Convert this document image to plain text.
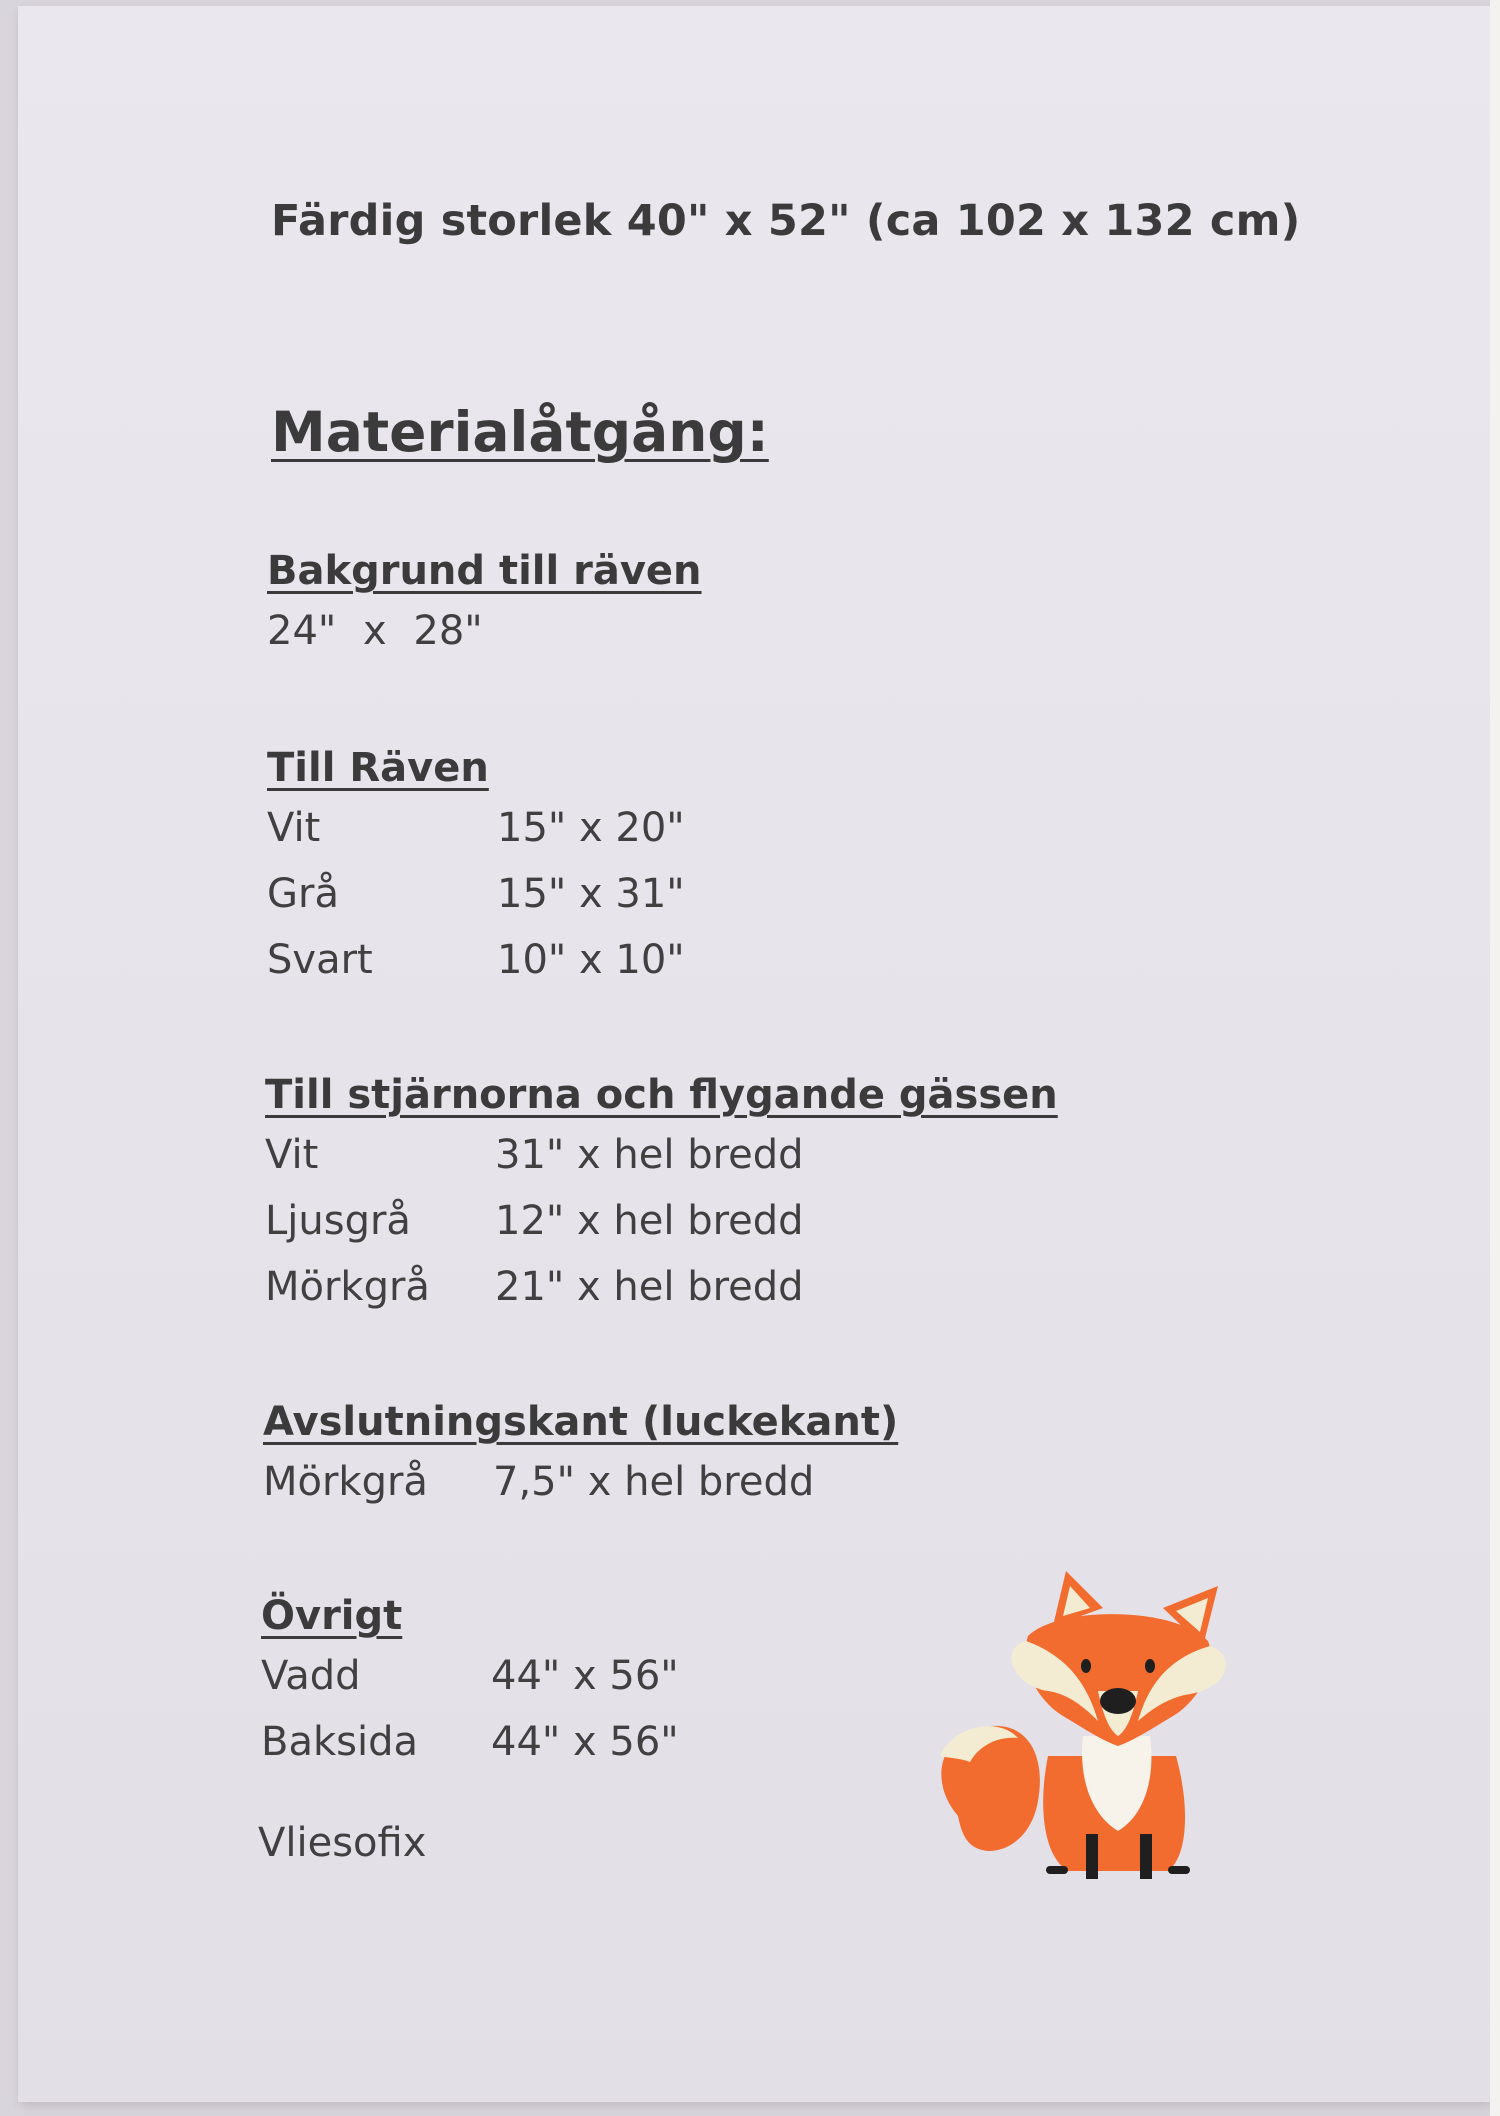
Färdig storlek 40" x 52" (ca 102 x 132 cm)
Materialåtgång:
Bakgrund till räven
24" x 28"
Till Räven
Vit	15" x 20"
Grå	15" x 31"
Svart	10" x 10"
Till stjärnorna och flygande gässen
Vit	31" x hel bredd
Ljusgrå	12" x hel bredd
Mörkgrå	21" x hel bredd
Avslutningskant (luckekant)
Mörkgrå	7,5" x hel bredd
Övrigt
Vadd	44" x 56"
Baksida	44" x 56"
Vliesofix
